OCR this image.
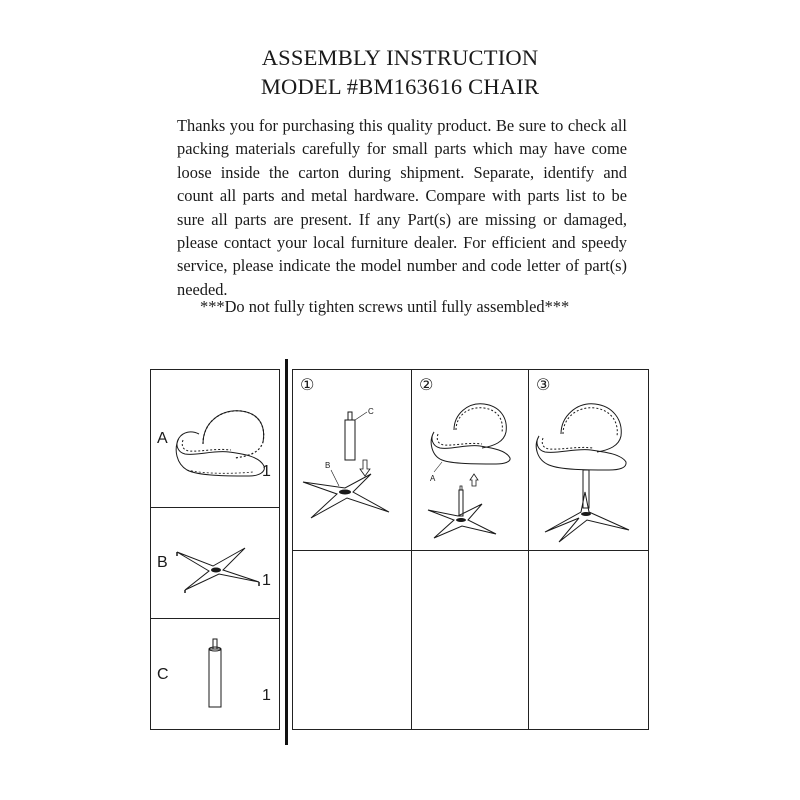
ASSEMBLY INSTRUCTION
MODEL #BM163616 CHAIR
Thanks you for purchasing this quality product. Be sure to check all packing materials carefully for small parts which may have come loose inside the carton during shipment. Separate, identify and count all parts and metal hardware. Compare with parts list to be sure all parts are present. If any Part(s) are missing or damaged, please contact your local furniture dealer. For efficient and speedy service, please indicate the model number and code letter of part(s) needed.
***Do not fully tighten screws until fully assembled***
A
1
B
1
C
1
①
C
B
②
A
③
